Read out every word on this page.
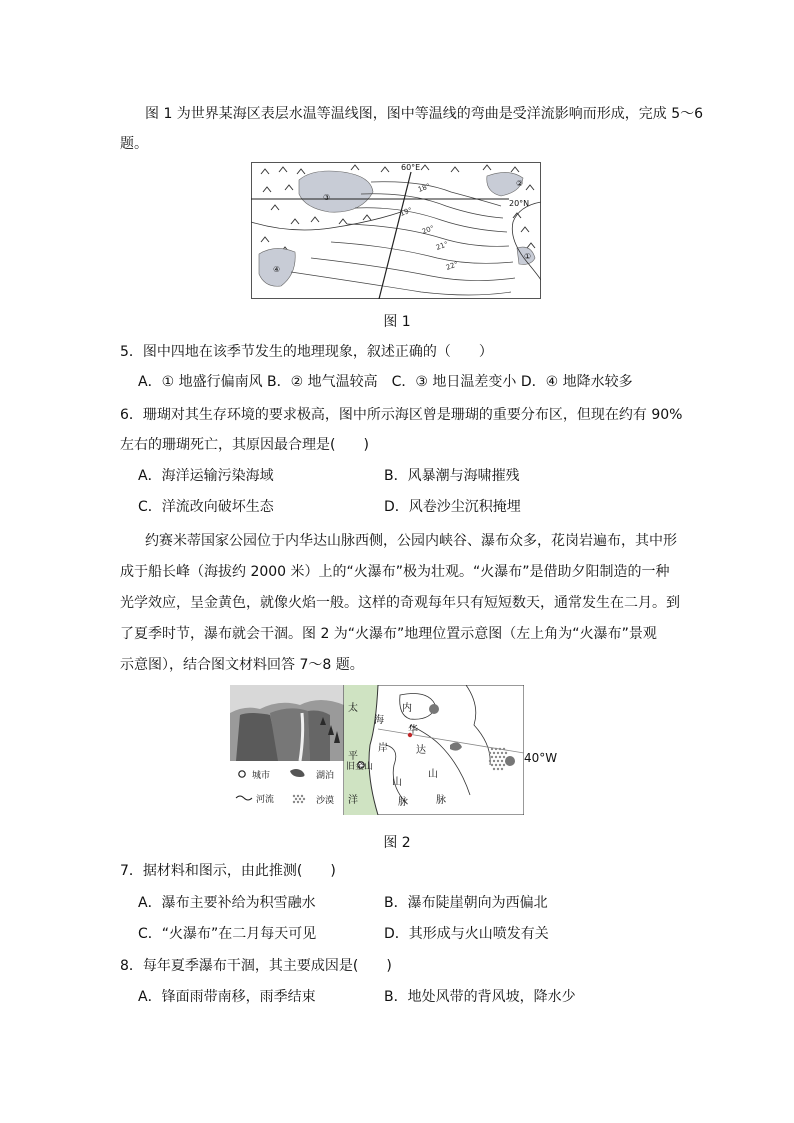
图 1 为世界某海区表层水温等温线图，图中等温线的弯曲是受洋流影响而形成，完成 5～6
题。
60°E
20°N
18°
19°
20°
21°
22°
①
②
③
④
图 1
5．图中四地在该季节发生的地理现象，叙述正确的（　　）
A．① 地盛行偏南风 B．② 地气温较高　C．③ 地日温差变小 D．④ 地降水较多
6．珊瑚对其生存环境的要求极高，图中所示海区曾是珊瑚的重要分布区，但现在约有 90%
左右的珊瑚死亡，其原因最合理是(　　)
A．海洋运输污染海域	B．风暴潮与海啸摧残
C．洋流改向破坏生态	D．风卷沙尘沉积掩埋
约赛米蒂国家公园位于内华达山脉西侧，公园内峡谷、瀑布众多，花岗岩遍布，其中形
成于船长峰（海拔约 2000 米）上的“火瀑布”极为壮观。“火瀑布”是借助夕阳制造的一种
光学效应，呈金黄色，就像火焰一般。这样的奇观每年只有短短数天，通常发生在二月。到
了夏季时节，瀑布就会干涸。图 2 为“火瀑布”地理位置示意图（左上角为“火瀑布”景观
示意图），结合图文材料回答 7～8 题。
城市	湖泊
河流	沙漠
旧金山
太
平
洋
海
岸
内
华
达
山
脉
山
脉
40°W
图 2
7．据材料和图示，由此推测(　　)
A．瀑布主要补给为积雪融水	B．瀑布陡崖朝向为西偏北
C．“火瀑布”在二月每天可见	D．其形成与火山喷发有关
8．每年夏季瀑布干涸，其主要成因是(　　)
A．锋面雨带南移，雨季结束	B．地处风带的背风坡，降水少
